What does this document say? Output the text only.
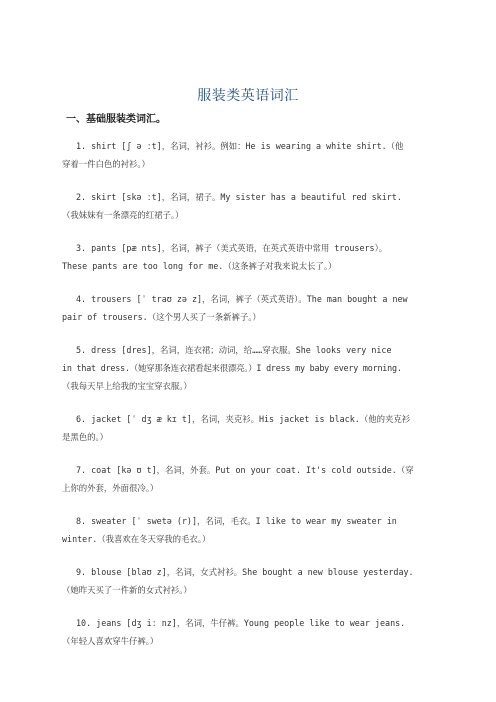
服装类英语词汇
一、基础服装类词汇。
1. shirt [ʃ ə ːt]，名词，衬衫。例如：He is wearing a white shirt.（他
穿着一件白色的衬衫。）
2. skirt [skə ːt]，名词，裙子。My sister has a beautiful red skirt.
（我妹妹有一条漂亮的红裙子。）
3. pants [pæ nts]，名词，裤子（美式英语，在英式英语中常用 trousers）。
These pants are too long for me.（这条裤子对我来说太长了。）
4. trousers [ˈ traʊ zə z]，名词，裤子（英式英语）。The man bought a new
pair of trousers.（这个男人买了一条新裤子。）
5. dress [dres]，名词，连衣裙；动词，给……穿衣服。She looks very nice
in that dress.（她穿那条连衣裙看起来很漂亮。）I dress my baby every morning.
（我每天早上给我的宝宝穿衣服。）
6. jacket [ˈ dʒ æ kɪ t]，名词，夹克衫。His jacket is black.（他的夹克衫
是黑色的。）
7. coat [kə ʊ t]，名词，外套。Put on your coat. It's cold outside.（穿
上你的外套，外面很冷。）
8. sweater [ˈ swetə (r)]，名词，毛衣。I like to wear my sweater in
winter.（我喜欢在冬天穿我的毛衣。）
9. blouse [blaʊ z]，名词，女式衬衫。She bought a new blouse yesterday.
（她昨天买了一件新的女式衬衫。）
10. jeans [dʒ iː nz]，名词，牛仔裤。Young people like to wear jeans.
（年轻人喜欢穿牛仔裤。）
